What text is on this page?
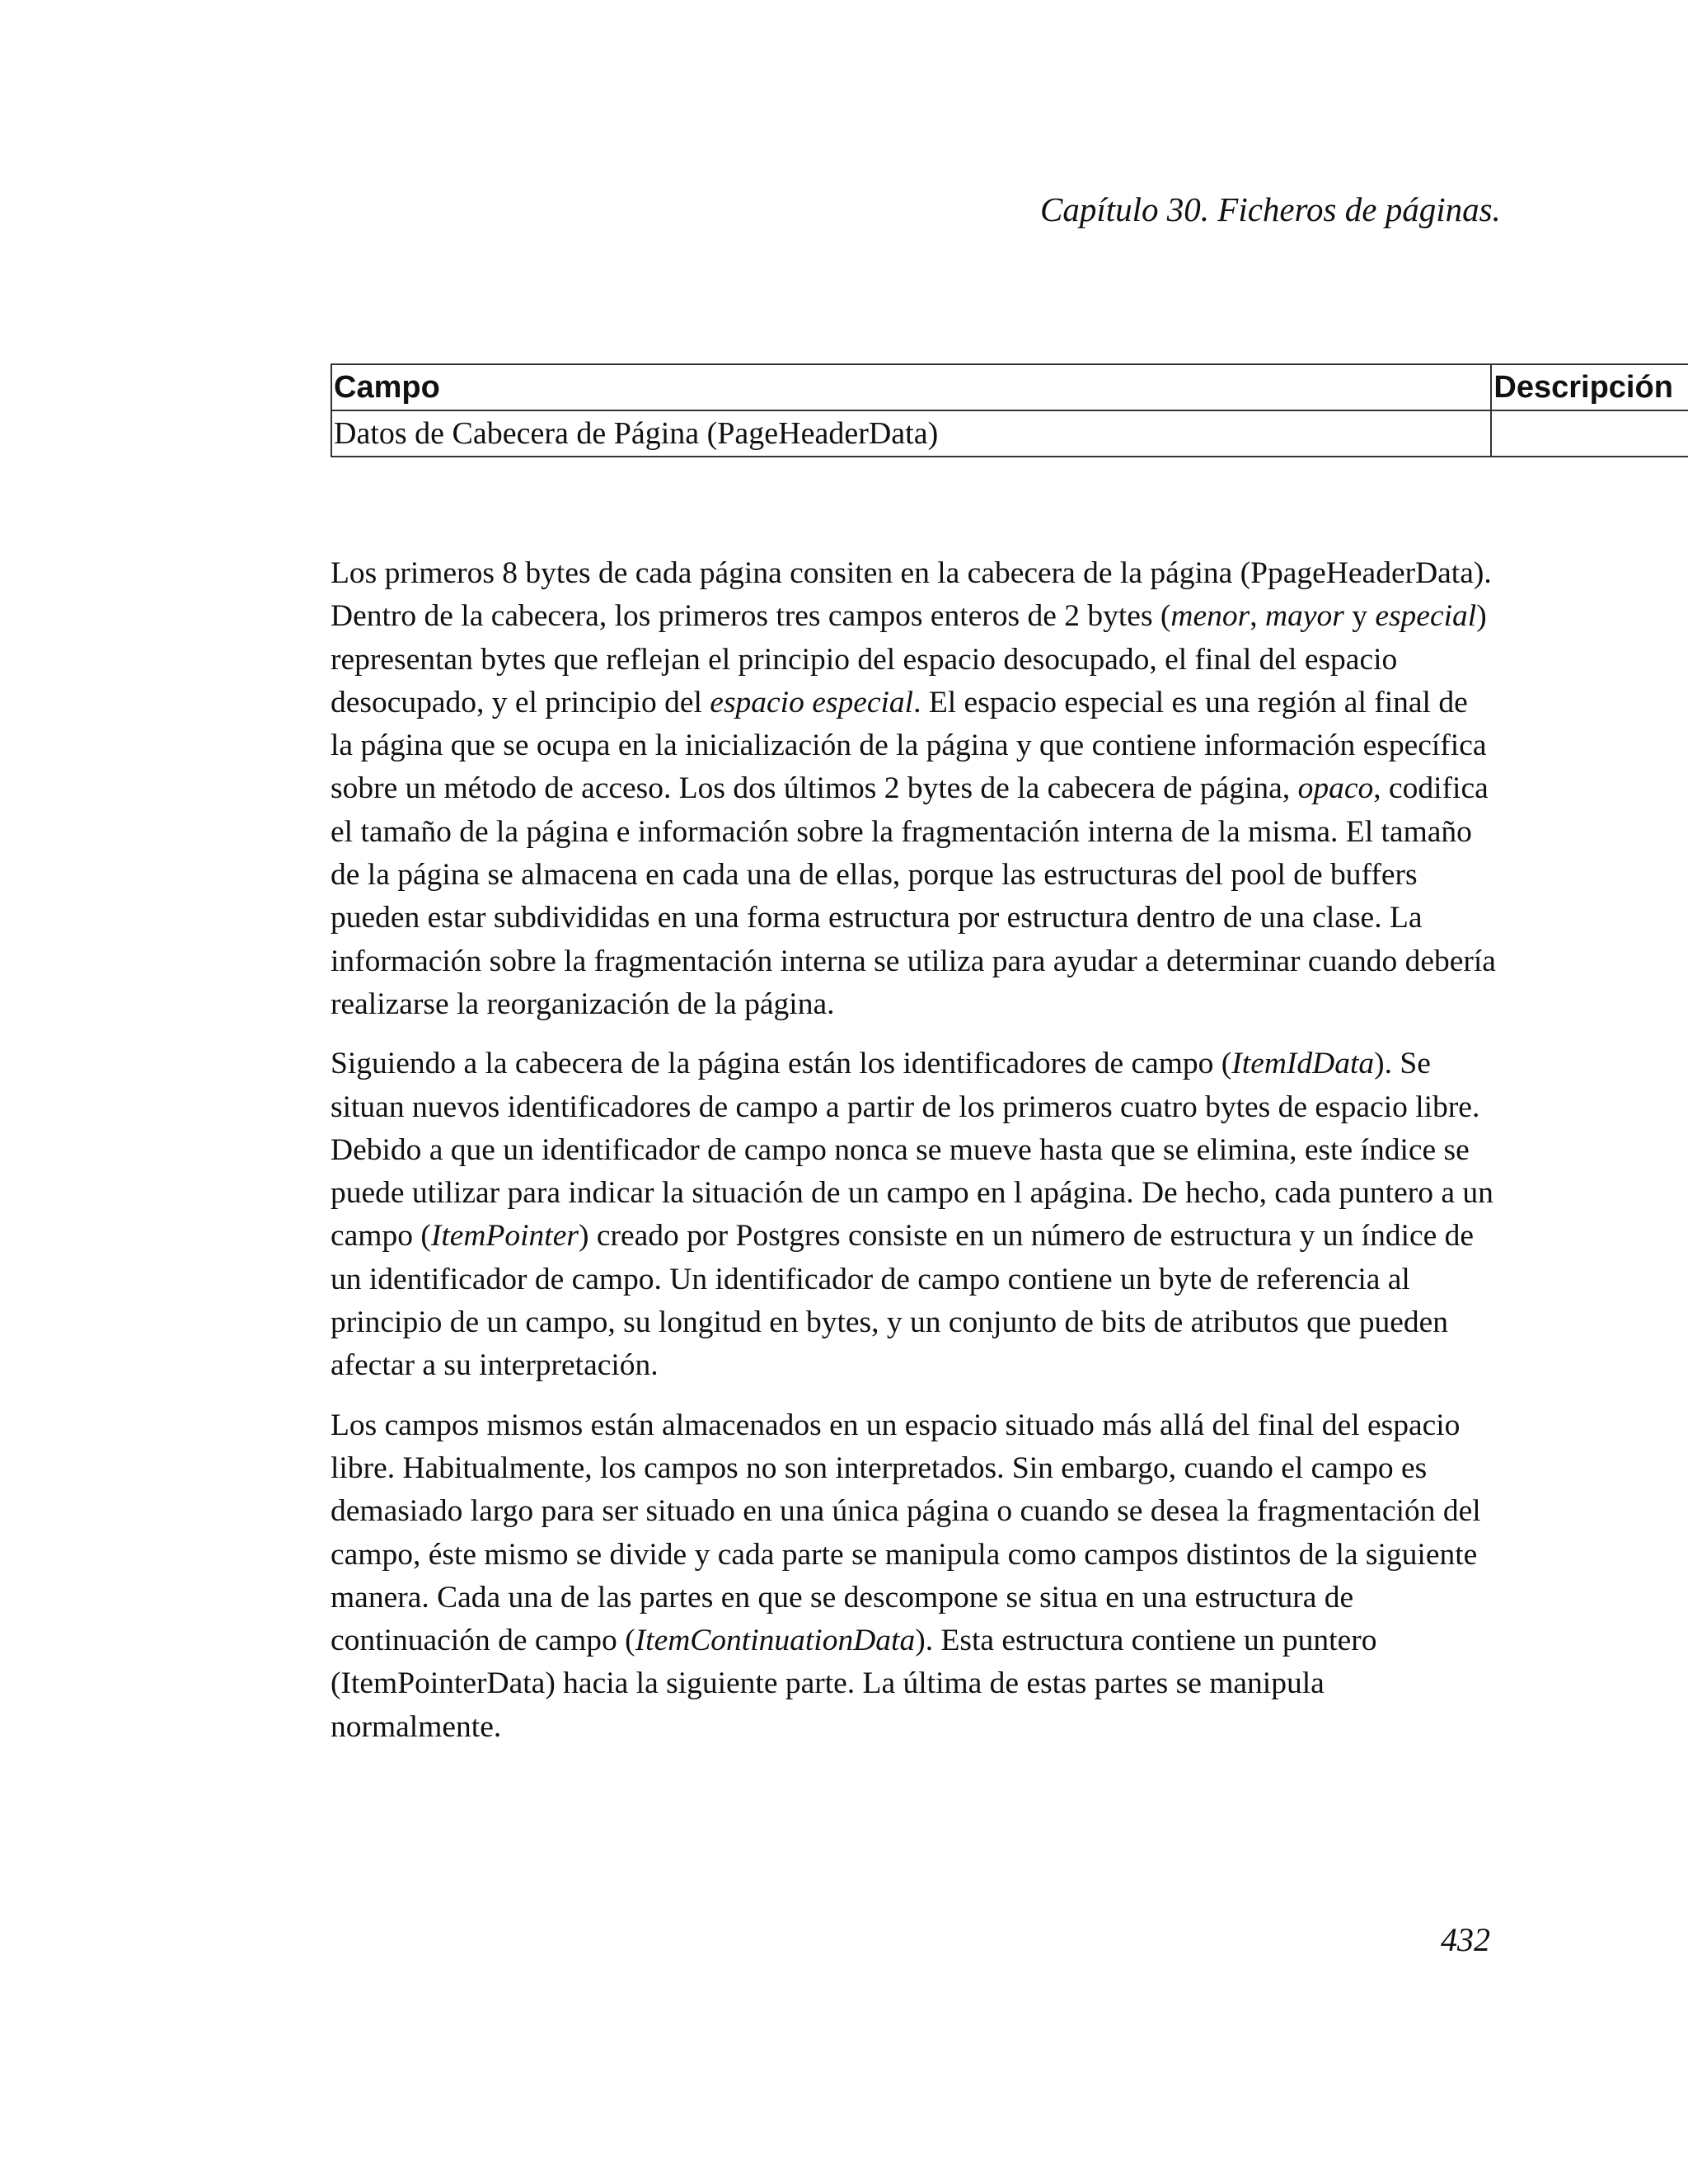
Capítulo 30. Ficheros de páginas.
Campo	Descripción
Datos de Cabecera de Página (PageHeaderData)	

Los primeros 8 bytes de cada página consiten en la cabecera de la página (PpageHeaderData). Dentro de la cabecera, los primeros tres campos enteros de 2 bytes (menor, mayor y especial) representan bytes que reflejan el principio del espacio desocupado, el final del espacio desocupado, y el principio del espacio especial. El espacio especial es una región al final de la página que se ocupa en la inicialización de la página y que contiene información específica sobre un método de acceso. Los dos últimos 2 bytes de la cabecera de página, opaco, codifica el tamaño de la página e información sobre la fragmentación interna de la misma. El tamaño de la página se almacena en cada una de ellas, porque las estructuras del pool de buffers pueden estar subdivididas en una forma estructura por estructura dentro de una clase. La información sobre la fragmentación interna se utiliza para ayudar a determinar cuando debería realizarse la reorganización de la página.

Siguiendo a la cabecera de la página están los identificadores de campo (ItemIdData). Se situan nuevos identificadores de campo a partir de los primeros cuatro bytes de espacio libre. Debido a que un identificador de campo nonca se mueve hasta que se elimina, este índice se puede utilizar para indicar la situación de un campo en l apágina. De hecho, cada puntero a un campo (ItemPointer) creado por Postgres consiste en un número de estructura y un índice de un identificador de campo. Un identificador de campo contiene un byte de referencia al principio de un campo, su longitud en bytes, y un conjunto de bits de atributos que pueden afectar a su interpretación.

Los campos mismos están almacenados en un espacio situado más allá del final del espacio libre. Habitualmente, los campos no son interpretados. Sin embargo, cuando el campo es demasiado largo para ser situado en una única página o cuando se desea la fragmentación del campo, éste mismo se divide y cada parte se manipula como campos distintos de la siguiente manera. Cada una de las partes en que se descompone se situa en una estructura de continuación de campo (ItemContinuationData). Esta estructura contiene un puntero (ItemPointerData) hacia la siguiente parte. La última de estas partes se manipula normalmente.

432
